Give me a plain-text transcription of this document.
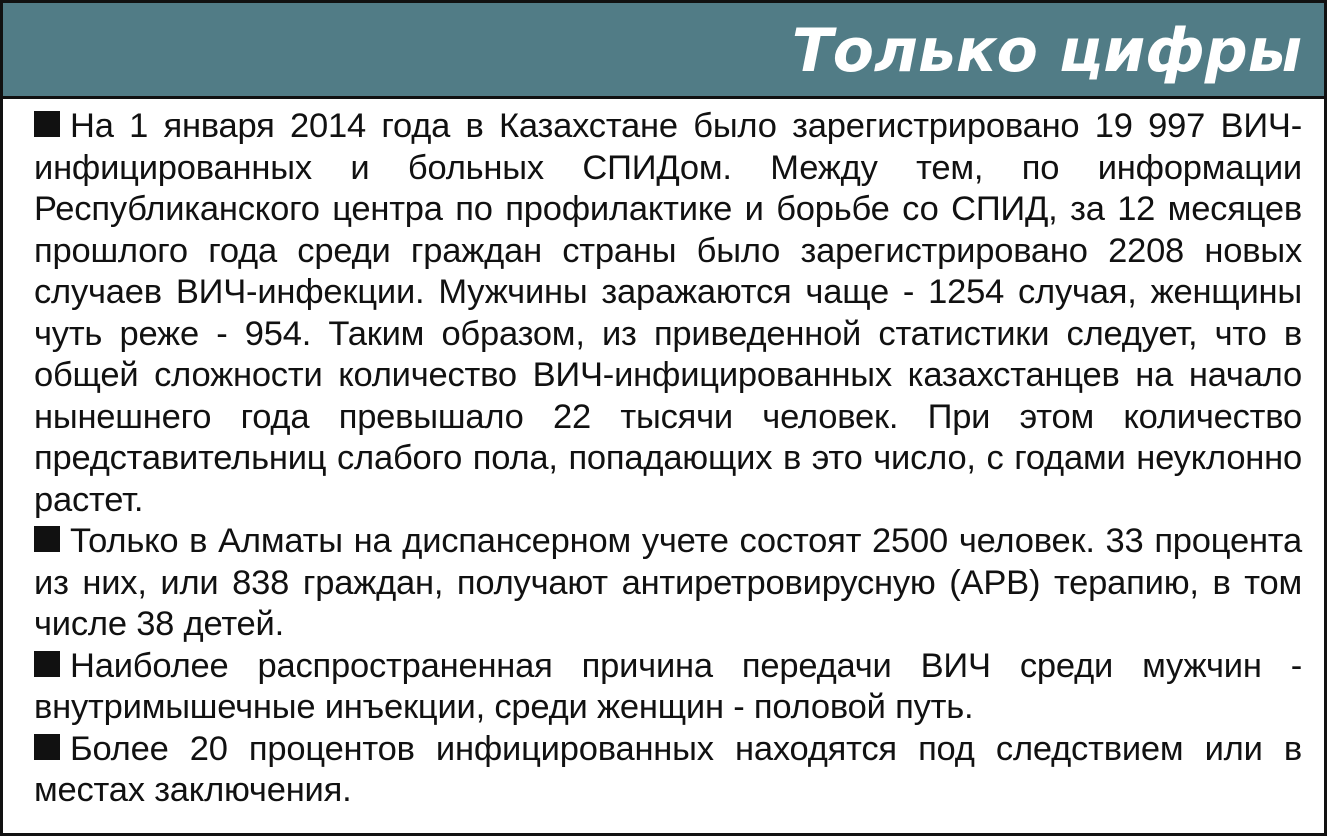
Только цифры

На 1 января 2014 года в Казахстане было зарегистрировано 19 997 ВИЧ-инфицированных и больных СПИДом. Между тем, по информации Республиканского центра по профилактике и борьбе со СПИД, за 12 месяцев прошлого года среди граждан страны было зарегистрировано 2208 новых случаев ВИЧ-инфекции. Мужчины заражаются чаще - 1254 случая, женщины чуть реже - 954. Таким образом, из приведенной статистики следует, что в общей сложности количество ВИЧ-инфицированных казахстанцев на начало нынешнего года превышало 22 тысячи человек. При этом количество представительниц слабого пола, попадающих в это число, с годами неуклонно растет.

Только в Алматы на диспансерном учете состоят 2500 человек. 33 процента из них, или 838 граждан, получают антиретровирусную (АРВ) терапию, в том числе 38 детей.

Наиболее распространенная причина передачи ВИЧ среди мужчин - внутримышечные инъекции, среди женщин - половой путь.

Более 20 процентов инфицированных находятся под следствием или в местах заключения.
